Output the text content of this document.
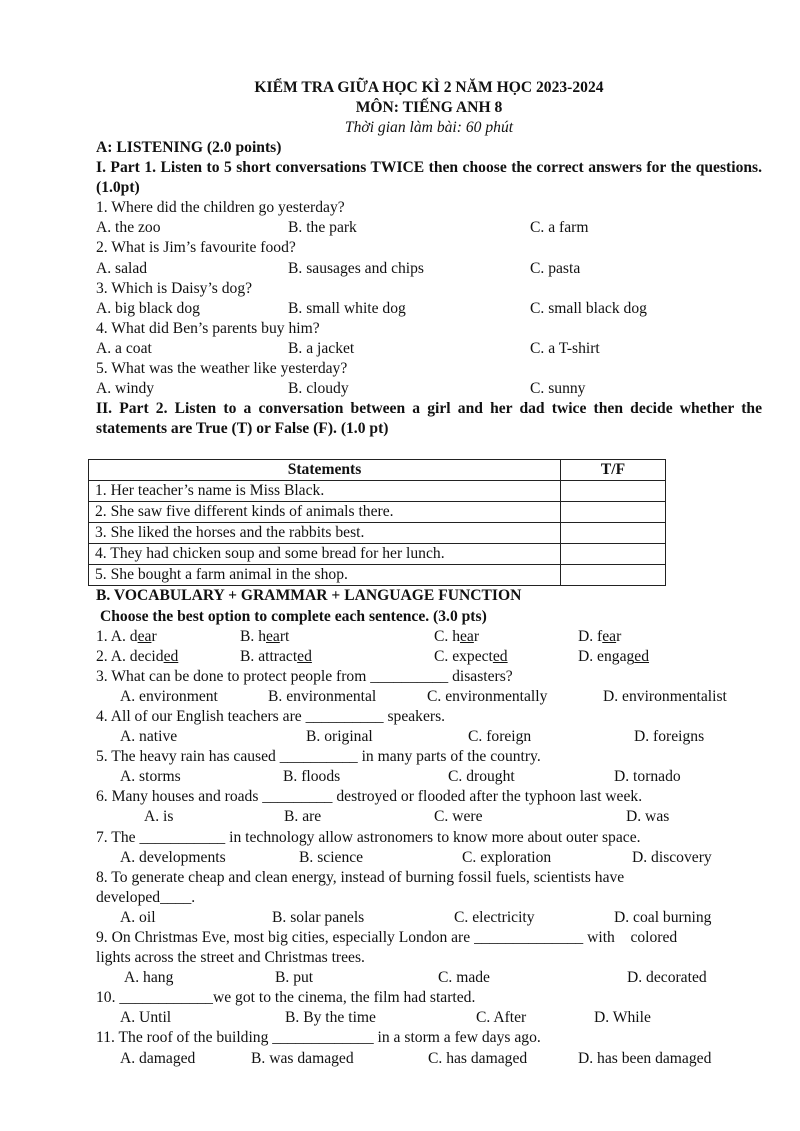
KIỂM TRA GIỮA HỌC KÌ 2 NĂM HỌC 2023-2024
MÔN: TIẾNG ANH 8
Thời gian làm bài: 60 phút
A: LISTENING (2.0 points)
I. Part 1. Listen to 5 short conversations TWICE then choose the correct answers for the questions. (1.0pt)
1. Where did the children go yesterday?
A. the zoo	B. the park	C. a farm
2. What is Jim’s favourite food?
A. salad	B. sausages and chips	C. pasta
3. Which is Daisy’s dog?
A. big black dog	B. small white dog	C. small black dog
4. What did Ben’s parents buy him?
A. a coat	B. a jacket	C. a T-shirt
5. What was the weather like yesterday?
A. windy	B. cloudy	C. sunny
II. Part 2. Listen to a conversation between a girl and her dad twice then decide whether the statements are True (T) or False (F). (1.0 pt)
Statements	T/F
1. Her teacher’s name is Miss Black.	
2. She saw five different kinds of animals there.	
3. She liked the horses and the rabbits best.	
4. They had chicken soup and some bread for her lunch.	
5. She bought a farm animal in the shop.	
B. VOCABULARY + GRAMMAR + LANGUAGE FUNCTION
Choose the best option to complete each sentence. (3.0 pts)
1. A. dear	B. heart	C. hear	D. fear
2. A. decided	B. attracted	C. expected	D. engaged
3. What can be done to protect people from __________ disasters?
A. environment	B. environmental	C. environmentally	D. environmentalist
4. All of our English teachers are __________ speakers.
A. native	B. original	C. foreign	D. foreigns
5. The heavy rain has caused __________ in many parts of the country.
A. storms	B. floods	C. drought	D. tornado
6. Many houses and roads _________ destroyed or flooded after the typhoon last week.
A. is	B. are	C. were	D. was
7. The ___________ in technology allow astronomers to know more about outer space.
A. developments	B. science	C. exploration	D. discovery
8. To generate cheap and clean energy, instead of burning fossil fuels, scientists have
developed____.
A. oil	B. solar panels	C. electricity	D. coal burning
9. On Christmas Eve, most big cities, especially London are ______________ with    colored
lights across the street and Christmas trees.
A. hang	B. put	C. made	D. decorated
10. ____________we got to the cinema, the film had started.
A. Until	B. By the time	C. After	D. While
11. The roof of the building _____________ in a storm a few days ago.
A. damaged	B. was damaged	C. has damaged	D. has been damaged
